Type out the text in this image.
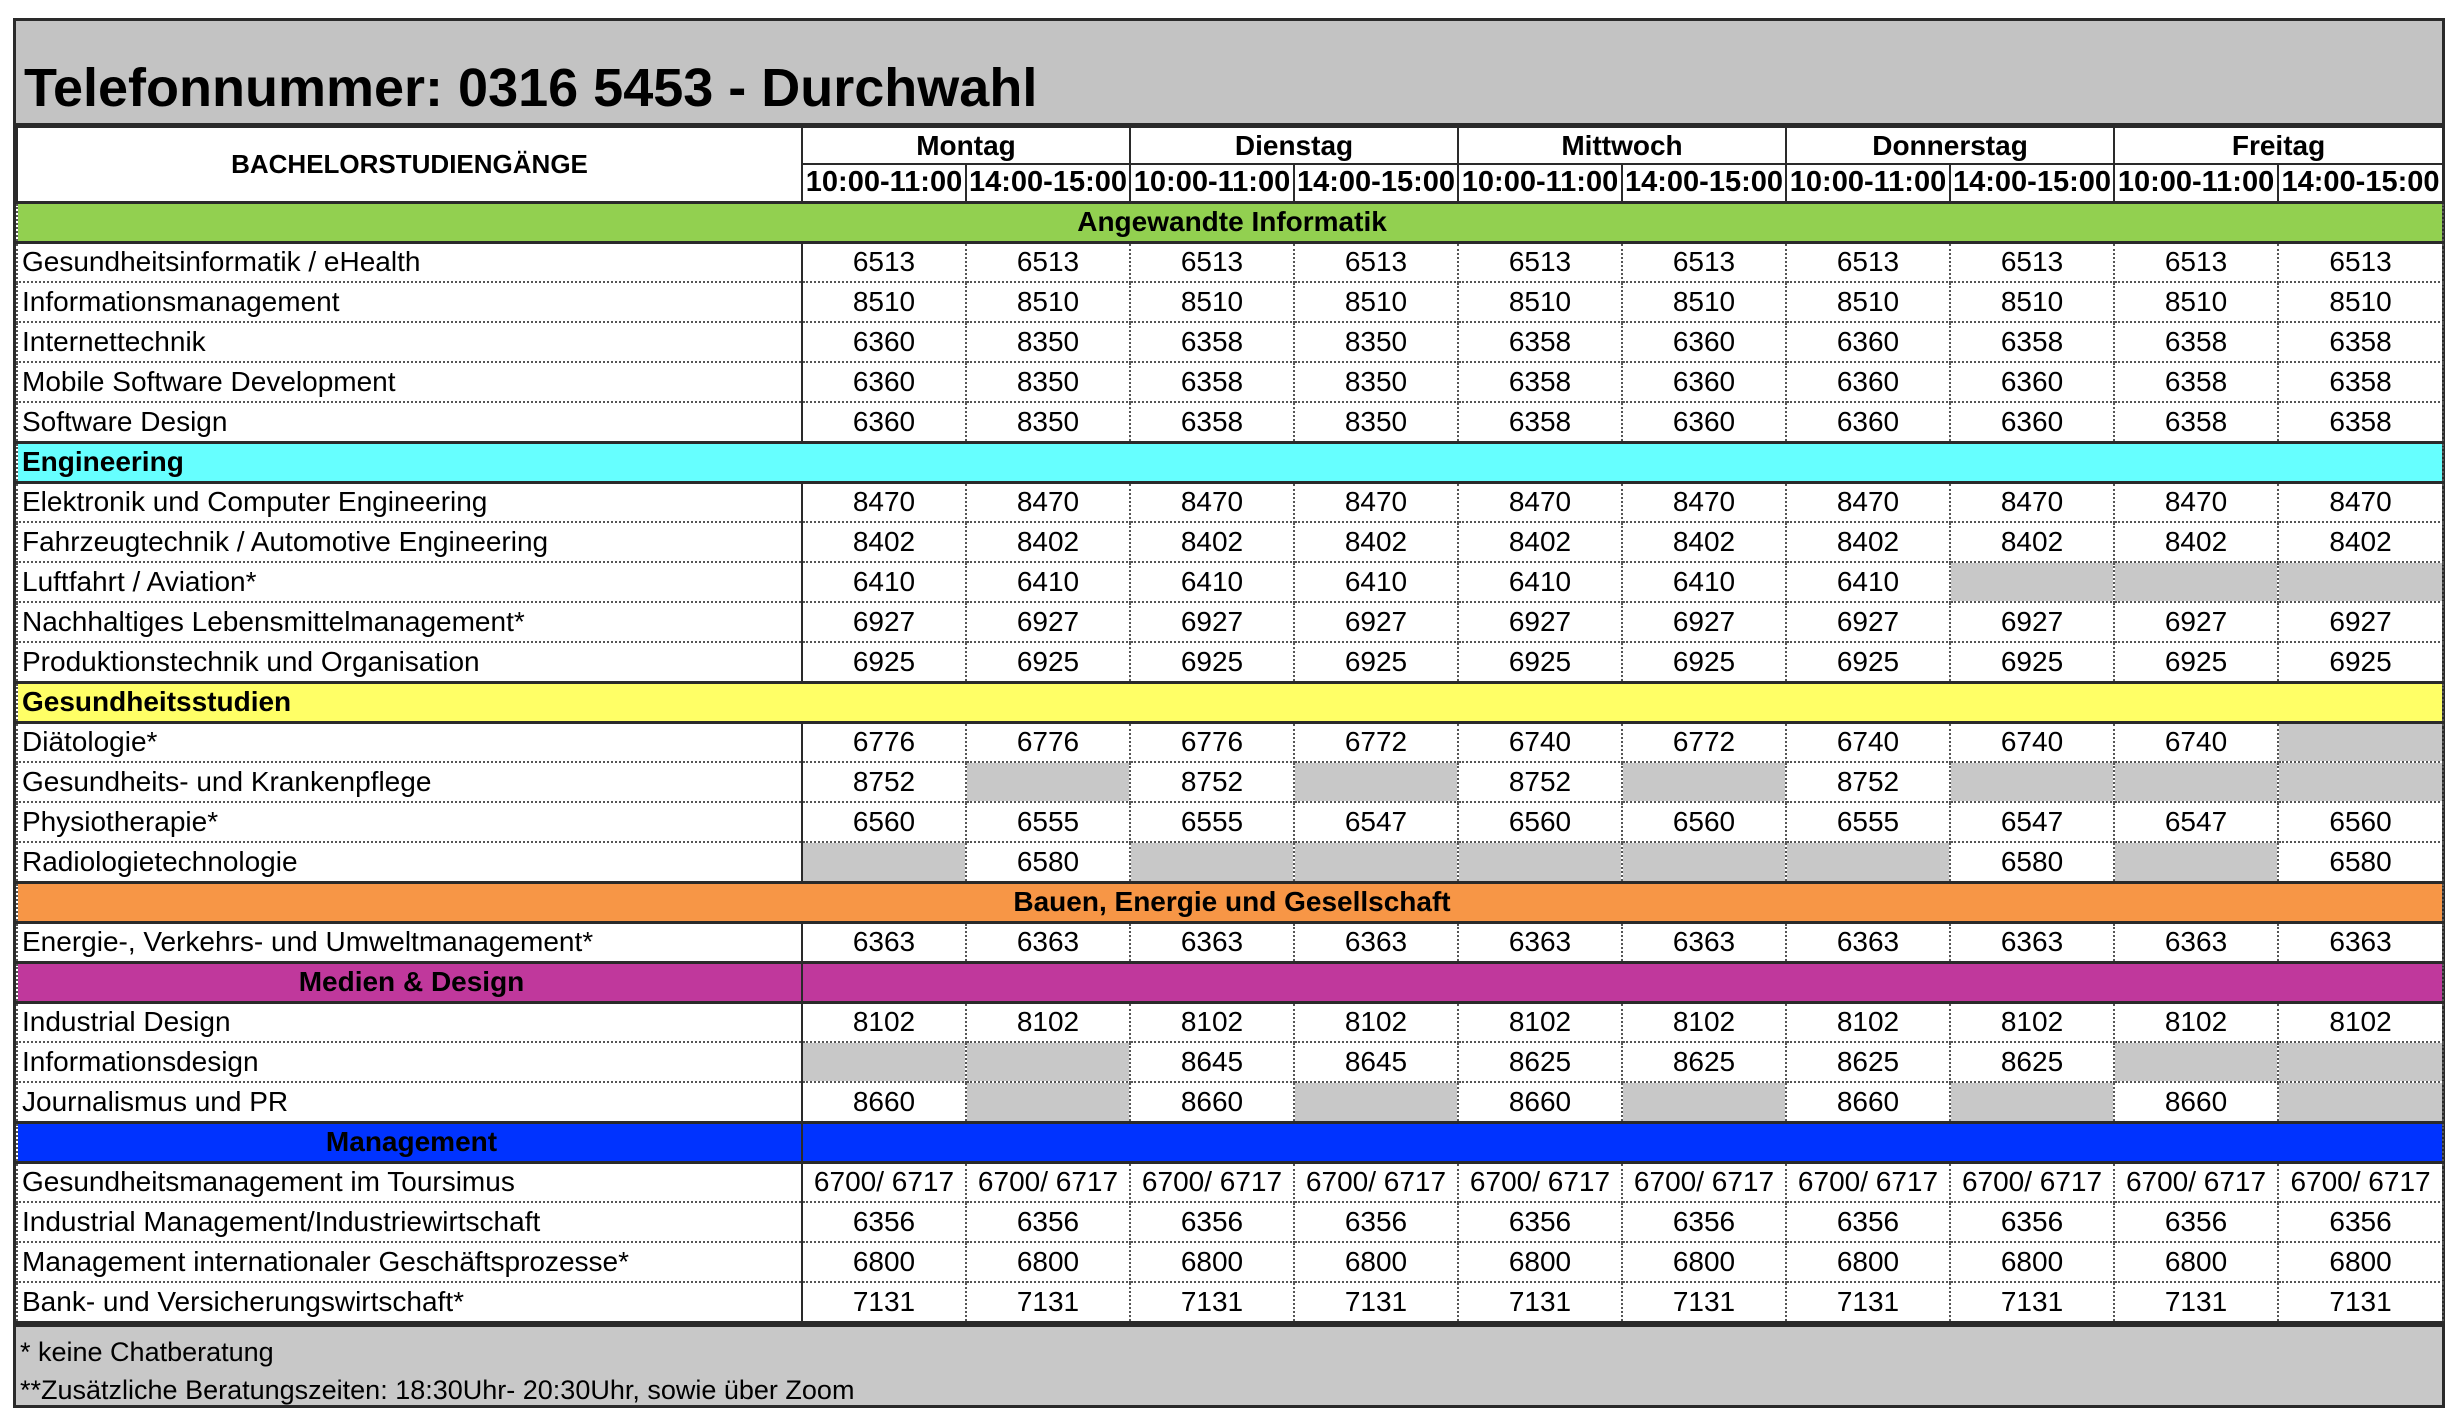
Telefonnummer: 0316 5453 - Durchwahl
BACHELORSTUDIENGÄNGE	Montag		Dienstag		Mittwoch		Donnerstag		Freitag	
	10:00-11:00	14:00-15:00	10:00-11:00	14:00-15:00	10:00-11:00	14:00-15:00	10:00-11:00	14:00-15:00	10:00-11:00	14:00-15:00
Angewandte Informatik										
Gesundheitsinformatik / eHealth	6513	6513	6513	6513	6513	6513	6513	6513	6513	6513
Informationsmanagement	8510	8510	8510	8510	8510	8510	8510	8510	8510	8510
Internettechnik	6360	8350	6358	8350	6358	6360	6360	6358	6358	6358
Mobile Software Development	6360	8350	6358	8350	6358	6360	6360	6360	6358	6358
Software Design	6360	8350	6358	8350	6358	6360	6360	6360	6358	6358
Engineering										
Elektronik und Computer Engineering	8470	8470	8470	8470	8470	8470	8470	8470	8470	8470
Fahrzeugtechnik / Automotive Engineering	8402	8402	8402	8402	8402	8402	8402	8402	8402	8402
Luftfahrt / Aviation*	6410	6410	6410	6410	6410	6410	6410			
Nachhaltiges Lebensmittelmanagement*	6927	6927	6927	6927	6927	6927	6927	6927	6927	6927
Produktionstechnik und Organisation	6925	6925	6925	6925	6925	6925	6925	6925	6925	6925
Gesundheitsstudien										
Diätologie*	6776	6776	6776	6772	6740	6772	6740	6740	6740	
Gesundheits- und Krankenpflege	8752		8752		8752		8752			
Physiotherapie*	6560	6555	6555	6547	6560	6560	6555	6547	6547	6560
Radiologietechnologie		6580						6580		6580
Bauen, Energie und Gesellschaft										
Energie-, Verkehrs- und Umweltmanagement*	6363	6363	6363	6363	6363	6363	6363	6363	6363	6363
Medien & Design										
Industrial Design	8102	8102	8102	8102	8102	8102	8102	8102	8102	8102
Informationsdesign			8645	8645	8625	8625	8625	8625		
Journalismus und PR	8660		8660		8660		8660		8660	
Management										
Gesundheitsmanagement im Toursimus	6700/ 6717	6700/ 6717	6700/ 6717	6700/ 6717	6700/ 6717	6700/ 6717	6700/ 6717	6700/ 6717	6700/ 6717	6700/ 6717
Industrial Management/Industriewirtschaft	6356	6356	6356	6356	6356	6356	6356	6356	6356	6356
Management internationaler Geschäftsprozesse*	6800	6800	6800	6800	6800	6800	6800	6800	6800	6800
Bank- und Versicherungswirtschaft*	7131	7131	7131	7131	7131	7131	7131	7131	7131	7131
* keine Chatberatung
**Zusätzliche Beratungszeiten: 18:30Uhr- 20:30Uhr, sowie über Zoom
